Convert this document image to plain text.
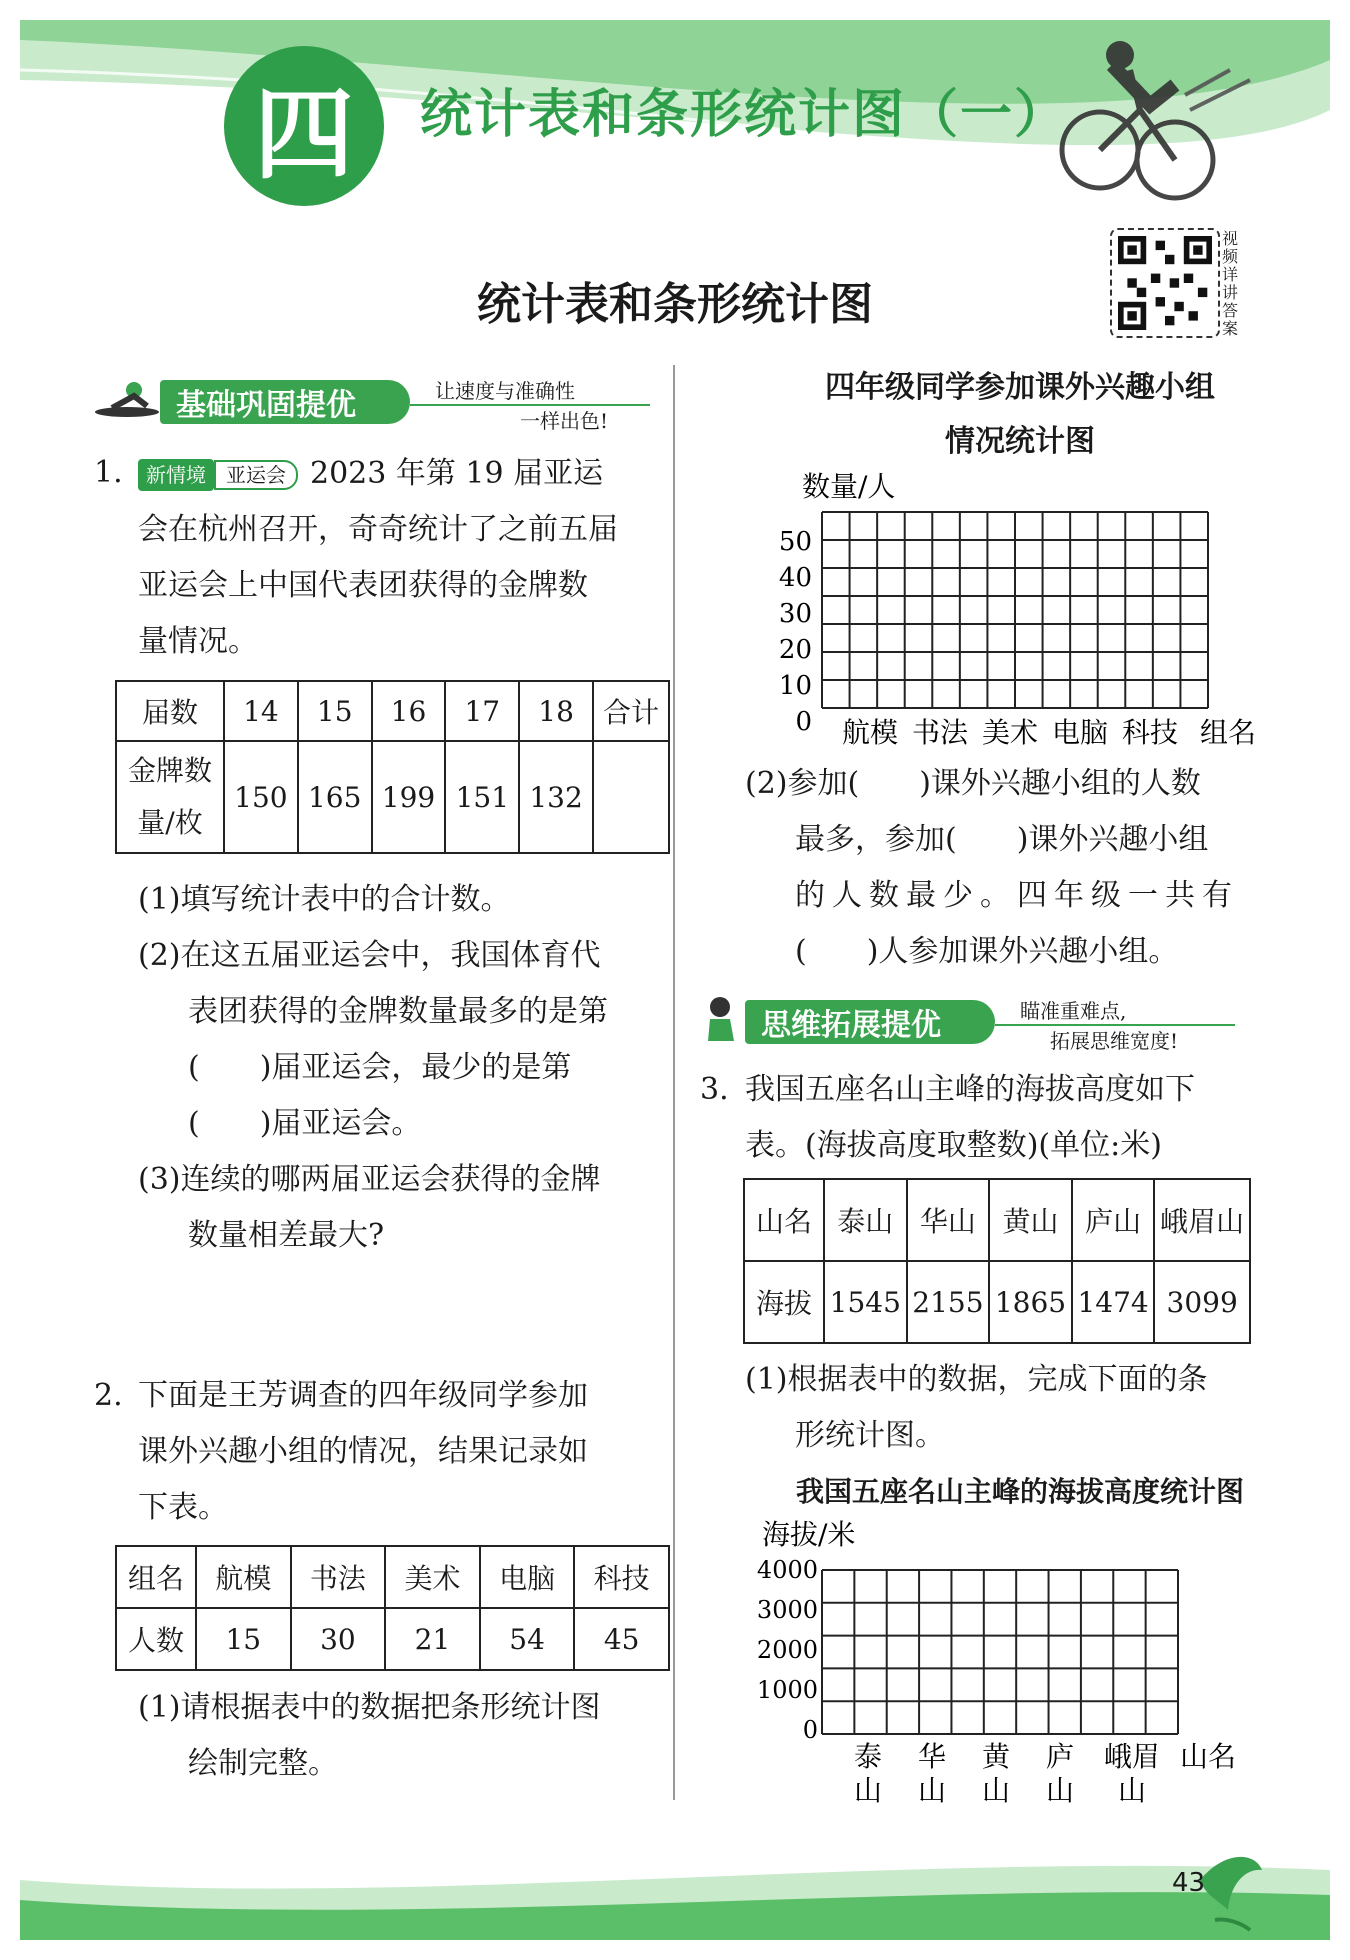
四	统计表和条形统计图（一）
统计表和条形统计图
视频详讲答案
基础巩固提优	让速度与准确性
一样出色!
1.	新情境 亚运会 2023 年第 19 届亚运
会在杭州召开，奇奇统计了之前五届
亚运会上中国代表团获得的金牌数
量情况。
届数	14	15	16	17	18	合计
金牌数
量/枚	150	165	199	151	132	
(1)填写统计表中的合计数。
(2)在这五届亚运会中，我国体育代
表团获得的金牌数量最多的是第
(　　)届亚运会，最少的是第
(　　)届亚运会。
(3)连续的哪两届亚运会获得的金牌
数量相差最大?
2. 下面是王芳调查的四年级同学参加
课外兴趣小组的情况，结果记录如
下表。
组名	航模	书法	美术	电脑	科技
人数	15	30	21	54	45
(1)请根据表中的数据把条形统计图
绘制完整。
四年级同学参加课外兴趣小组
情况统计图
数量/人
50
40
30
20
10
0 航模 书法 美术 电脑 科技 组名
(2)参加(　　)课外兴趣小组的人数
最多，参加(　　)课外兴趣小组
的人数最少。四年级一共有
(　　)人参加课外兴趣小组。
思维拓展提优	瞄准重难点,
拓展思维宽度!
3. 我国五座名山主峰的海拔高度如下
表。(海拔高度取整数)(单位:米)
山名	泰山	华山	黄山	庐山	峨眉山
海拔	1545	2155	1865	1474	3099
(1)根据表中的数据，完成下面的条
形统计图。
我国五座名山主峰的海拔高度统计图
海拔/米
4000
3000
2000
1000
0
泰 华 黄 庐 峨眉
山 山 山 山 山
山名
43
